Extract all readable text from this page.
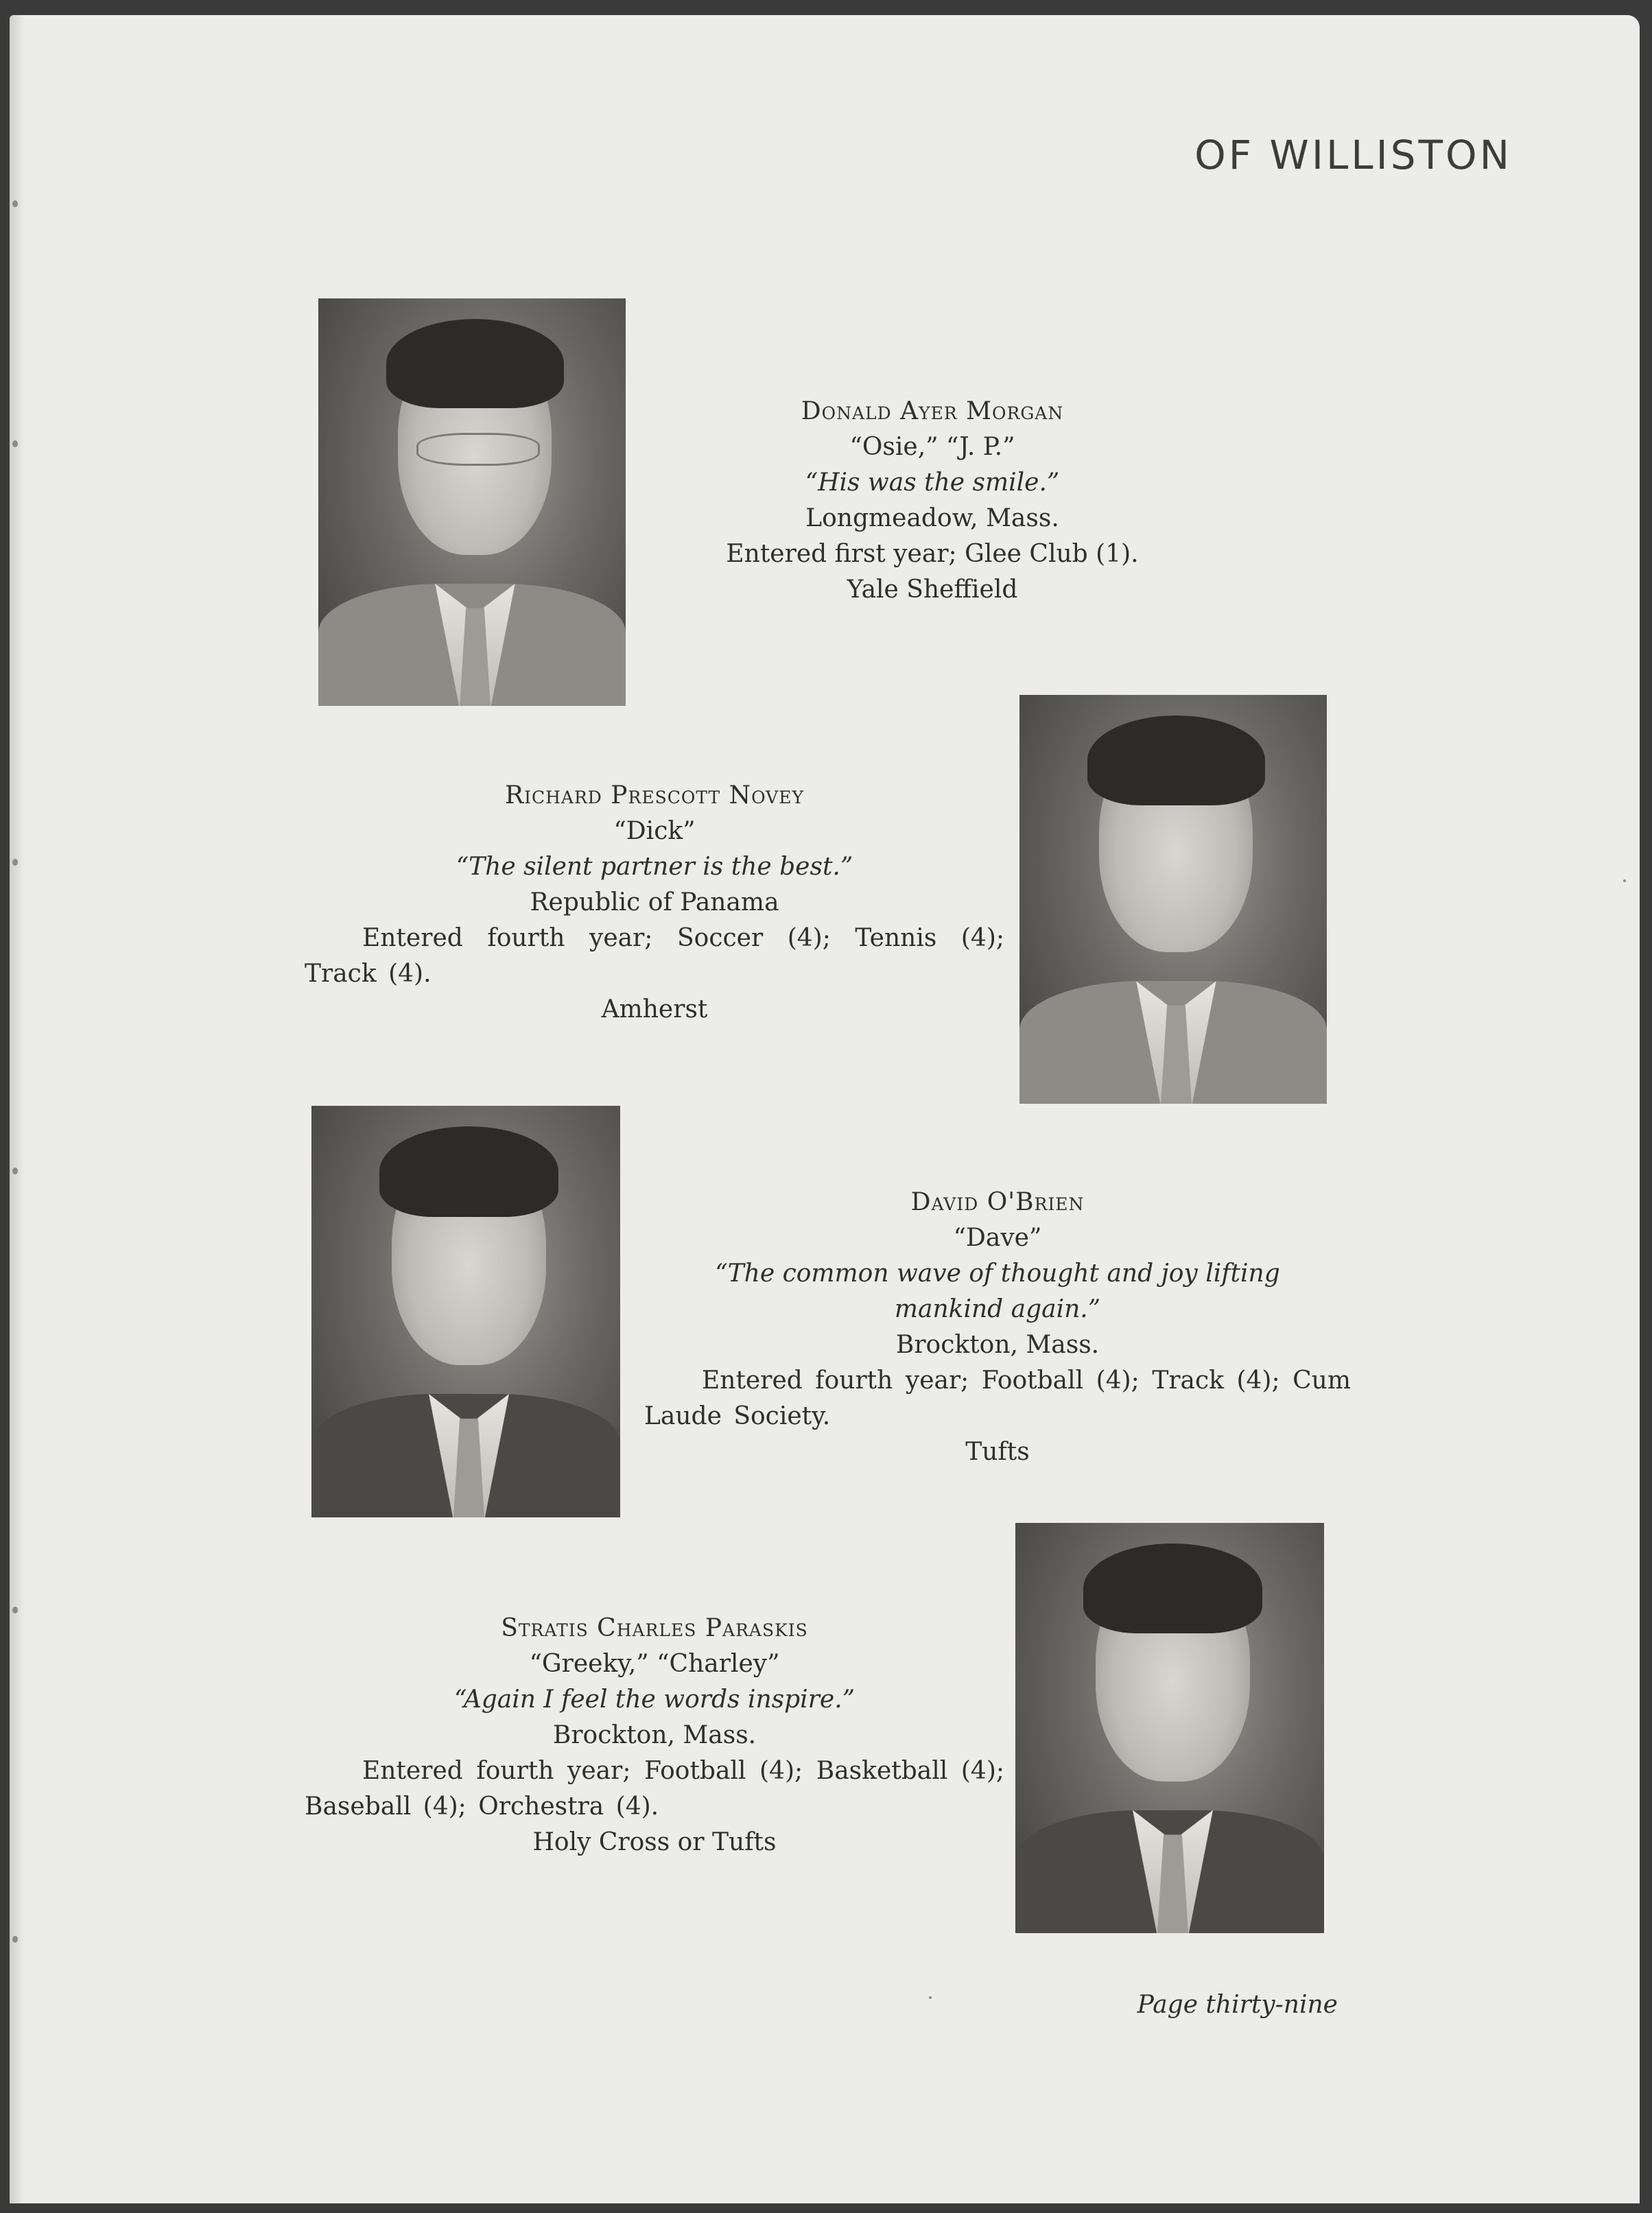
OF WILLISTON
Donald Ayer Morgan
“Osie,” “J. P.”
“His was the smile.”
Longmeadow, Mass.
Entered first year; Glee Club (1).
Yale Sheffield
Richard Prescott Novey
“Dick”
“The silent partner is the best.”
Republic of Panama
Entered fourth year; Soccer (4); Tennis (4); Track (4).
Amherst
David O'Brien
“Dave”
“The common wave of thought and joy lifting mankind again.”
Brockton, Mass.
Entered fourth year; Football (4); Track (4); Cum Laude Society.
Tufts
Stratis Charles Paraskis
“Greeky,” “Charley”
“Again I feel the words inspire.”
Brockton, Mass.
Entered fourth year; Football (4); Basketball (4); Baseball (4); Orchestra (4).
Holy Cross or Tufts
Page thirty-nine
